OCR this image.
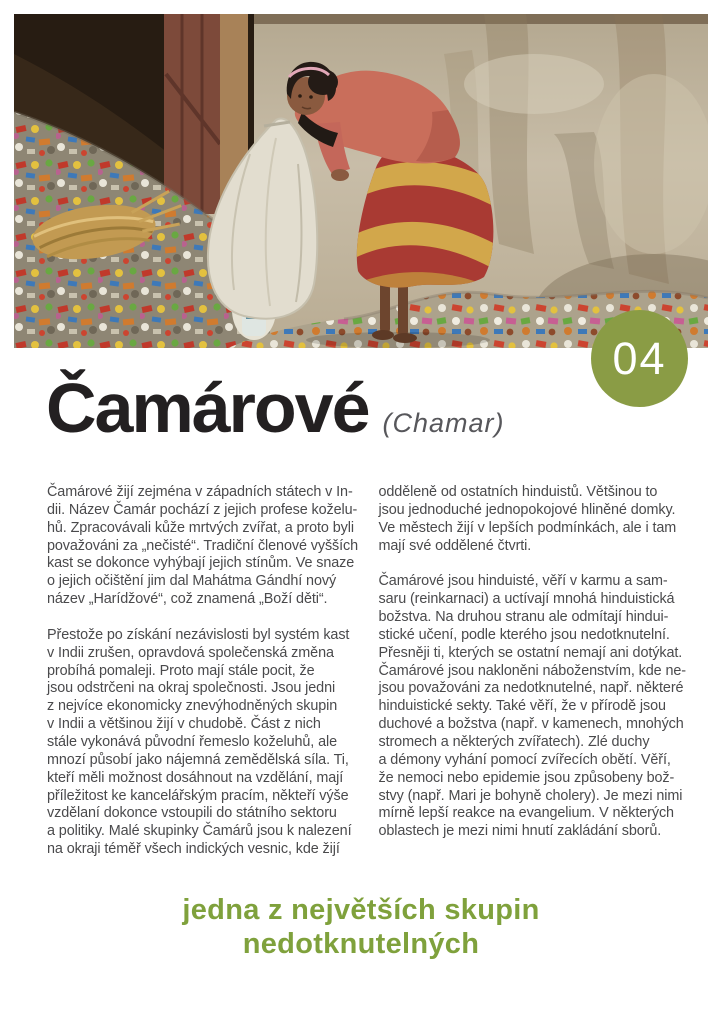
04
Čamárové (Chamar)
Čamárové žijí zejména v západních státech v In-
dii. Název Čamár pochází z jejich profese koželu-
hů. Zpracovávali kůže mrtvých zvířat, a proto byli
považováni za „nečisté“. Tradiční členové vyšších
kast se dokonce vyhýbají jejich stínům. Ve snaze
o jejich očištění jim dal Mahátma Gándhí nový
název „Harídžové“, což znamená „Boží děti“.
Přestože po získání nezávislosti byl systém kast
v Indii zrušen, opravdová společenská změna
probíhá pomaleji. Proto mají stále pocit, že
jsou odstrčeni na okraj společnosti. Jsou jedni
z nejvíce ekonomicky znevýhodněných skupin
v Indii a většinou žijí v chudobě. Část z nich
stále vykonává původní řemeslo koželuhů, ale
mnozí působí jako nájemná zemědělská síla. Ti,
kteří měli možnost dosáhnout na vzdělání, mají
příležitost ke kancelářským pracím, někteří výše
vzdělaní dokonce vstoupili do státního sektoru
a politiky. Malé skupinky Čamárů jsou k nalezení
na okraji téměř všech indických vesnic, kde žijí
odděleně od ostatních hinduistů. Většinou to
jsou jednoduché jednopokojové hliněné domky.
Ve městech žijí v lepších podmínkách, ale i tam
mají své oddělené čtvrti.
Čamárové jsou hinduisté, věří v karmu a sam-
saru (reinkarnaci) a uctívají mnohá hinduistická
božstva. Na druhou stranu ale odmítají hindui-
stické učení, podle kterého jsou nedotknutelní.
Přesněji ti, kterých se ostatní nemají ani dotýkat.
Čamárové jsou nakloněni náboženstvím, kde ne-
jsou považováni za nedotknutelné, např. některé
hinduistické sekty. Také věří, že v přírodě jsou
duchové a božstva (např. v kamenech, mnohých
stromech a některých zvířatech). Zlé duchy
a démony vyhání pomocí zvířecích obětí. Věří,
že nemoci nebo epidemie jsou způsobeny bož-
stvy (např. Mari je bohyně cholery). Je mezi nimi
mírně lepší reakce na evangelium. V některých
oblastech je mezi nimi hnutí zakládání sborů.
jedna z největších skupin
nedotknutelných
